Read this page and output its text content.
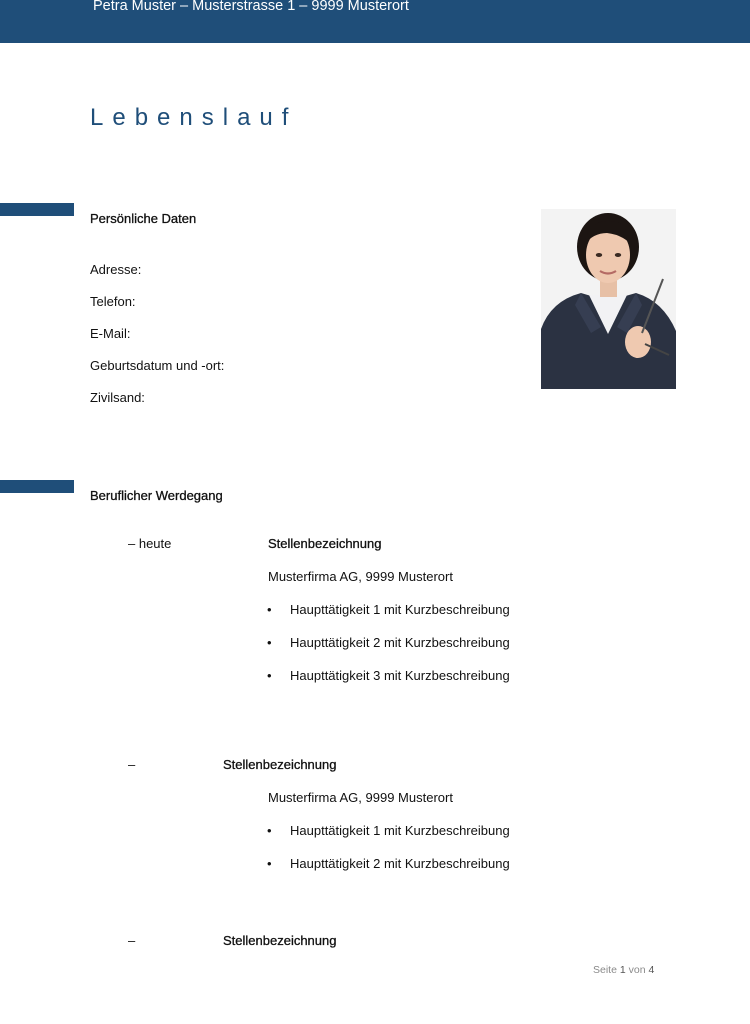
Petra Muster – Musterstrasse 1 – 9999 Musterort
Lebenslauf
Persönliche Daten
Adresse:
Telefon:
E-Mail:
Geburtsdatum und -ort:
Zivilsand:
Beruflicher Werdegang
– heute	Stellenbezeichnung
Musterfirma AG, 9999 Musterort
• Haupttätigkeit 1 mit Kurzbeschreibung
• Haupttätigkeit 2 mit Kurzbeschreibung
• Haupttätigkeit 3 mit Kurzbeschreibung
–	Stellenbezeichnung
Musterfirma AG, 9999 Musterort
• Haupttätigkeit 1 mit Kurzbeschreibung
• Haupttätigkeit 2 mit Kurzbeschreibung
–	Stellenbezeichnung
Seite 1 von 4
